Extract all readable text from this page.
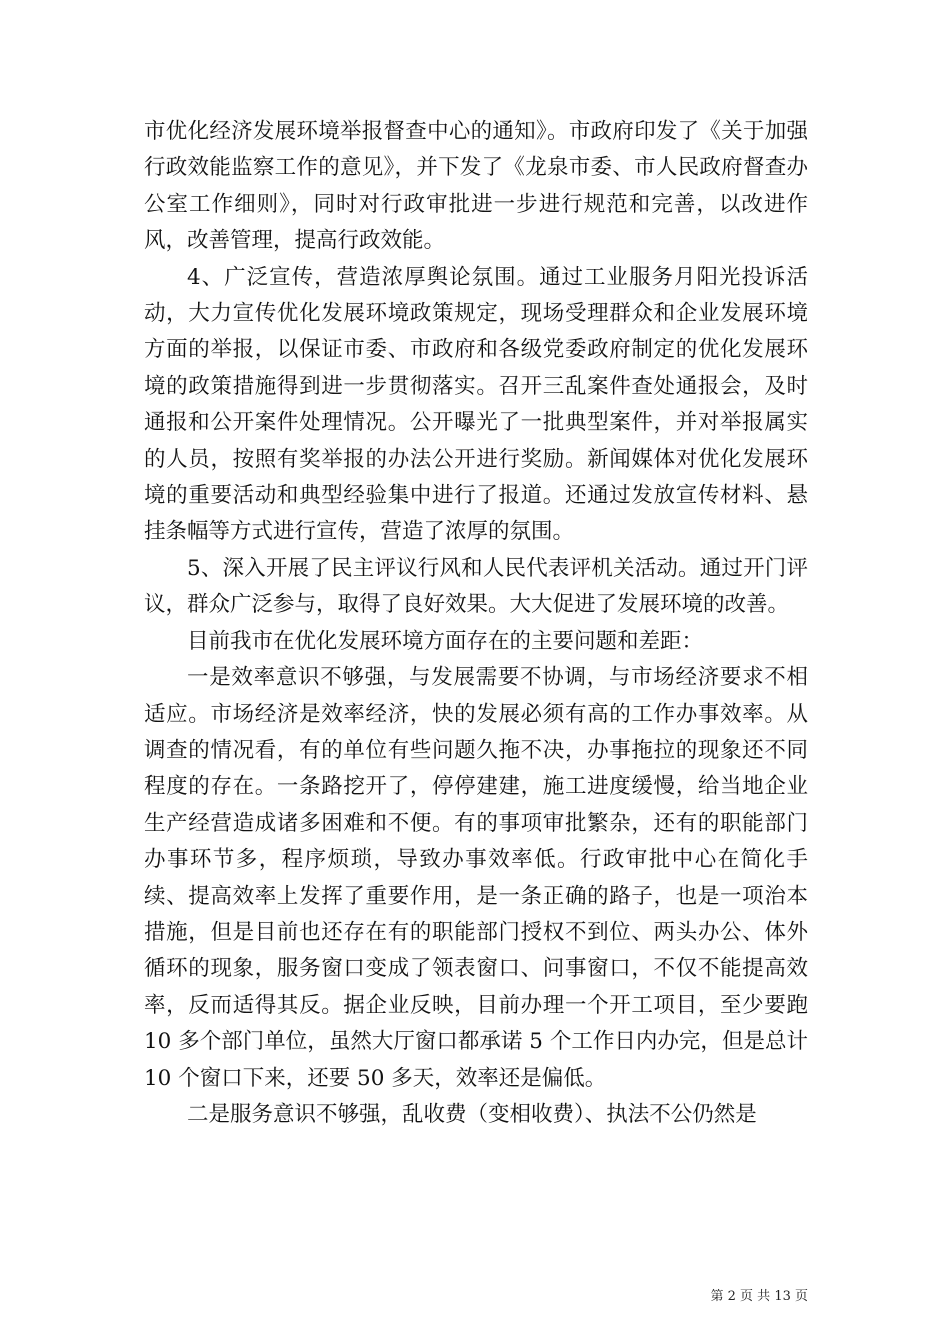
市优化经济发展环境举报督查中心的通知》。市政府印发了《关于加强行政效能监察工作的意见》，并下发了《龙泉市委、市人民政府督查办公室工作细则》，同时对行政审批进一步进行规范和完善，以改进作风，改善管理，提高行政效能。

4、广泛宣传，营造浓厚舆论氛围。通过工业服务月阳光投诉活动，大力宣传优化发展环境政策规定，现场受理群众和企业发展环境方面的举报，以保证市委、市政府和各级党委政府制定的优化发展环境的政策措施得到进一步贯彻落实。召开三乱案件查处通报会，及时通报和公开案件处理情况。公开曝光了一批典型案件，并对举报属实的人员，按照有奖举报的办法公开进行奖励。新闻媒体对优化发展环境的重要活动和典型经验集中进行了报道。还通过发放宣传材料、悬挂条幅等方式进行宣传，营造了浓厚的氛围。

5、深入开展了民主评议行风和人民代表评机关活动。通过开门评议，群众广泛参与，取得了良好效果。大大促进了发展环境的改善。

目前我市在优化发展环境方面存在的主要问题和差距：

一是效率意识不够强，与发展需要不协调，与市场经济要求不相适应。市场经济是效率经济，快的发展必须有高的工作办事效率。从调查的情况看，有的单位有些问题久拖不决，办事拖拉的现象还不同程度的存在。一条路挖开了，停停建建，施工进度缓慢，给当地企业生产经营造成诸多困难和不便。有的事项审批繁杂，还有的职能部门办事环节多，程序烦琐，导致办事效率低。行政审批中心在简化手续、提高效率上发挥了重要作用，是一条正确的路子，也是一项治本措施，但是目前也还存在有的职能部门授权不到位、两头办公、体外循环的现象，服务窗口变成了领表窗口、问事窗口，不仅不能提高效率，反而适得其反。据企业反映，目前办理一个开工项目，至少要跑 10 多个部门单位，虽然大厅窗口都承诺 5 个工作日内办完，但是总计 10 个窗口下来，还要 50 多天，效率还是偏低。

二是服务意识不够强，乱收费（变相收费）、执法不公仍然是

第 2 页 共 13 页
